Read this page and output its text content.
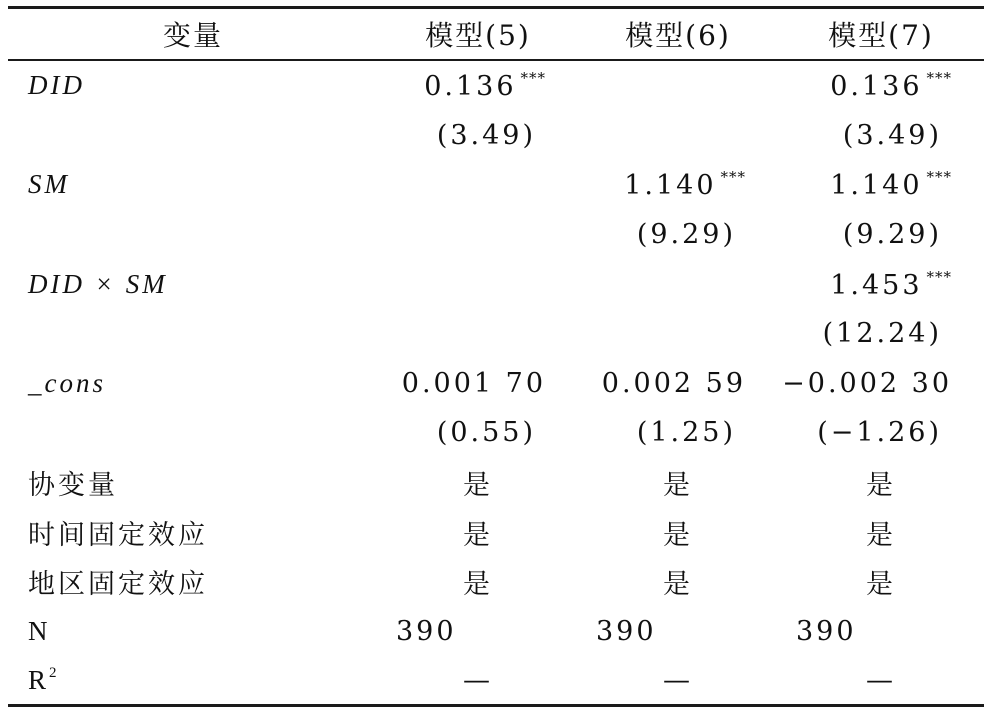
变量	模型(5)	模型(6)	模型(7)
DID	0.136 ***		0.136 ***
	(3.49)		(3.49)
SM		1.140 ***	1.140 ***
		(9.29)	(9.29)
DID × SM			1.453 ***
			(12.24)
_cons	0.001 70	0.002 59	−0.002 30
	(0.55)	(1.25)	(−1.26)
协变量	是	是	是
时间固定效应	是	是	是
地区固定效应	是	是	是
N	390	390	390
$R^2$	—	—	—
